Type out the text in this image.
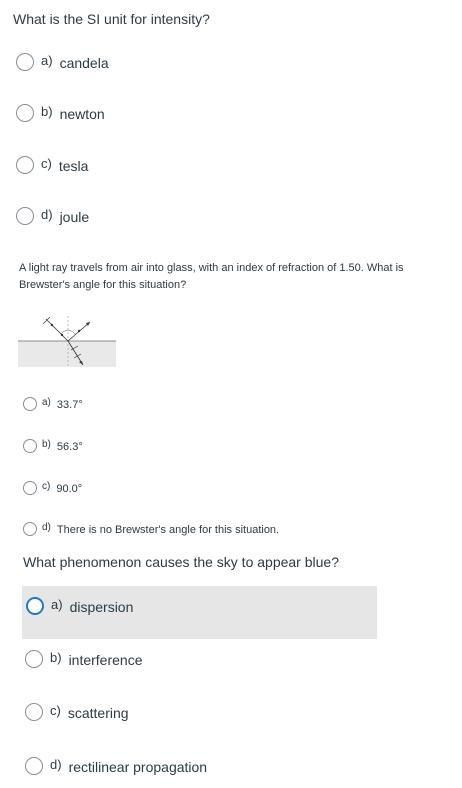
What is the SI unit for intensity?
a) candela
b) newton
c) tesla
d) joule
A light ray travels from air into glass, with an index of refraction of 1.50. What is
Brewster's angle for this situation?
a) 33.7°
b) 56.3°
c) 90.0°
d) There is no Brewster's angle for this situation.
What phenomenon causes the sky to appear blue?
a) dispersion
b) interference
c) scattering
d) rectilinear propagation
